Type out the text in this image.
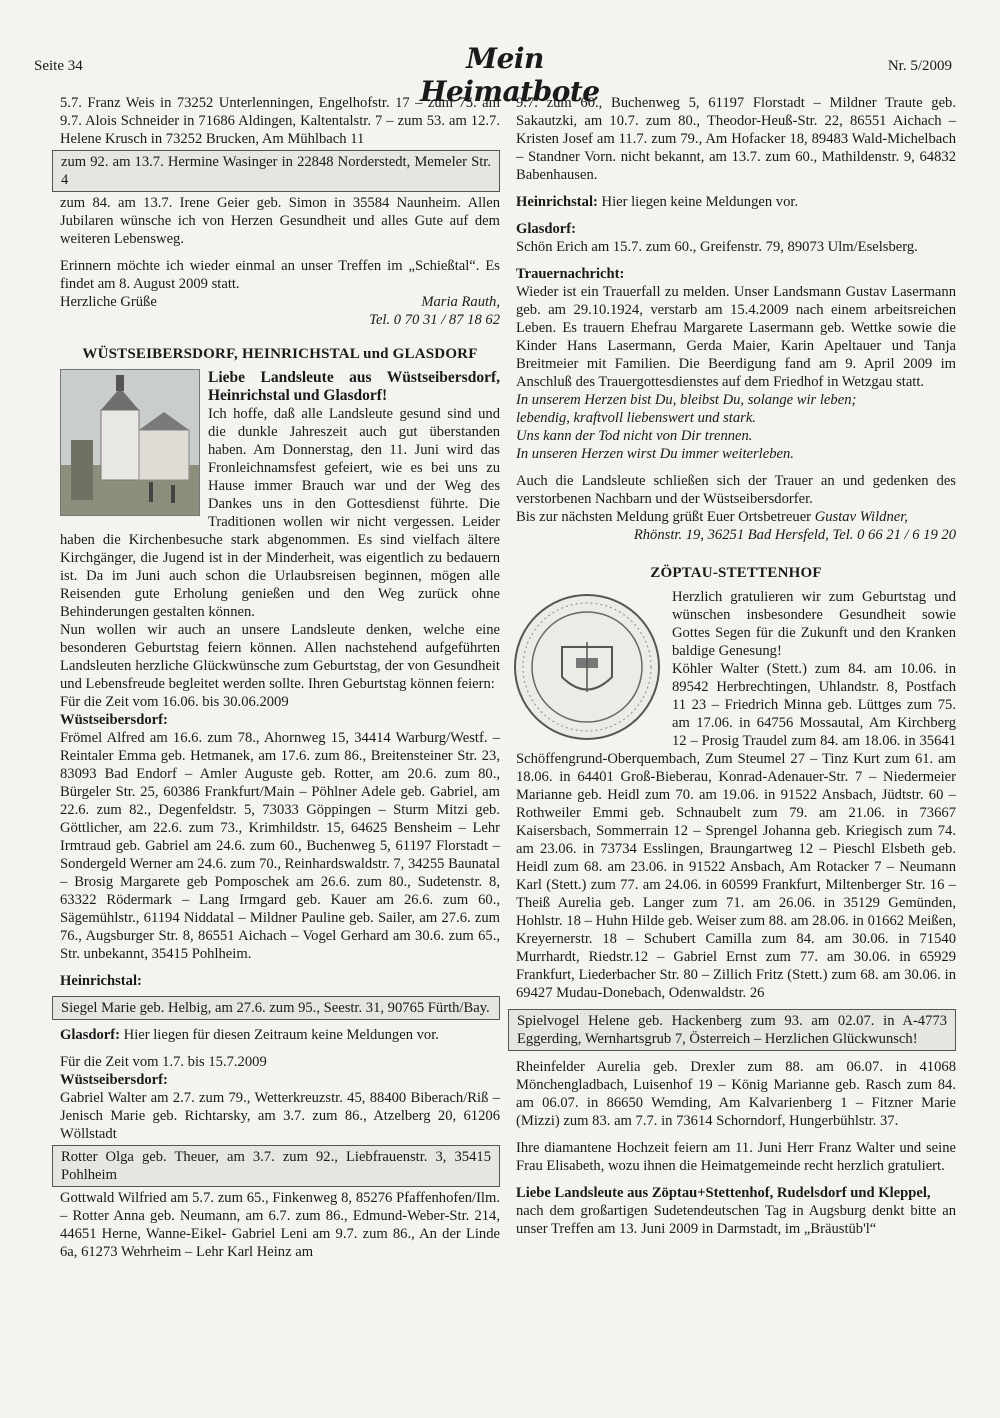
Seite 34	Mein Heimatbote
Nr. 5/2009

5.7. Franz Weis in 73252 Unterlenningen, Engelhofstr. 17 – zum 75. am 9.7. Alois Schneider in 71686 Aldingen, Kaltentalstr. 7 – zum 53. am 12.7. Helene Krusch in 73252 Brucken, Am Mühlbach 11

zum 92. am 13.7. Hermine Wasinger in 22848 Norderstedt, Memeler Str. 4

zum 84. am 13.7. Irene Geier geb. Simon in 35584 Naunheim. Allen Jubilaren wünsche ich von Herzen Gesundheit und alles Gute auf dem weiteren Lebensweg.

Erinnern möchte ich wieder einmal an unser Treffen im „Schießtal“. Es findet am 8. August 2009 statt.

Herzliche Grüße	Maria Rauth,

Tel. 0 70 31 / 87 18 62

WÜSTSEIBERSDORF, HEINRICHSTAL und GLASDORF

Liebe Landsleute aus Wüstseibersdorf, Heinrichstal und Glasdorf!

Ich hoffe, daß alle Landsleute gesund sind und die dunkle Jahreszeit auch gut überstanden haben. Am Donnerstag, den 11. Juni wird das Fronleichnamsfest gefeiert, wie es bei uns zu Hause immer Brauch war und der Weg des Dankes uns in den Gottesdienst führte. Die Traditionen wollen wir nicht vergessen. Leider haben die Kirchenbesuche stark abgenommen. Es sind vielfach ältere Kirchgänger, die Jugend ist in der Minderheit, was eigentlich zu bedauern ist. Da im Juni auch schon die Urlaubsreisen beginnen, mögen alle Reisenden gute Erholung genießen und den Weg zurück ohne Behinderungen gestalten können.

Nun wollen wir auch an unsere Landsleute denken, welche eine besonderen Geburtstag feiern können. Allen nachstehend aufgeführten Landsleuten herzliche Glückwünsche zum Geburtstag, der von Gesundheit und Lebensfreude begleitet werden sollte. Ihren Geburtstag können feiern:

Für die Zeit vom 16.06. bis 30.06.2009

Wüstseibersdorf:

Frömel Alfred am 16.6. zum 78., Ahornweg 15, 34414 Warburg/Westf. – Reintaler Emma geb. Hetmanek, am 17.6. zum 86., Breitensteiner Str. 23, 83093 Bad Endorf – Amler Auguste geb. Rotter, am 20.6. zum 80., Bürgeler Str. 25, 60386 Frankfurt/Main – Pöhlner Adele geb. Gabriel, am 22.6. zum 82., Degenfeldstr. 5, 73033 Göppingen – Sturm Mitzi geb. Göttlicher, am 22.6. zum 73., Krimhildstr. 15, 64625 Bensheim – Lehr Irmtraud geb. Gabriel am 24.6. zum 60., Buchenweg 5, 61197 Florstadt – Sondergeld Werner am 24.6. zum 70., Reinhardswaldstr. 7, 34255 Baunatal – Brosig Margarete geb Pomposchek am 26.6. zum 80., Sudetenstr. 8, 63322 Rödermark – Lang Irmgard geb. Kauer am 26.6. zum 60., Sägemühlstr., 61194 Niddatal – Mildner Pauline geb. Sailer, am 27.6. zum 76., Augsburger Str. 8, 86551 Aichach – Vogel Gerhard am 30.6. zum 65., Str. unbekannt, 35415 Pohlheim.

Heinrichstal:

Siegel Marie geb. Helbig, am 27.6. zum 95., Seestr. 31, 90765 Fürth/Bay.

Glasdorf: Hier liegen für diesen Zeitraum keine Meldungen vor.

Für die Zeit vom 1.7. bis 15.7.2009

Wüstseibersdorf:

Gabriel Walter am 2.7. zum 79., Wetterkreuzstr. 45, 88400 Biberach/Riß – Jenisch Marie geb. Richtarsky, am 3.7. zum 86., Atzelberg 20, 61206 Wöllstadt

Rotter Olga geb. Theuer, am 3.7. zum 92., Liebfrauenstr. 3, 35415 Pohlheim

Gottwald Wilfried am 5.7. zum 65., Finkenweg 8, 85276 Pfaffenhofen/Ilm. – Rotter Anna geb. Neumann, am 6.7. zum 86., Edmund-Weber-Str. 214, 44651 Herne, Wanne-Eikel- Gabriel Leni am 9.7. zum 86., An der Linde 6a, 61273 Wehrheim – Lehr Karl Heinz am

9.7. zum 60., Buchenweg 5, 61197 Florstadt – Mildner Traute geb. Sakautzki, am 10.7. zum 80., Theodor-Heuß-Str. 22, 86551 Aichach – Kristen Josef am 11.7. zum 79., Am Hofacker 18, 89483 Wald-Michelbach – Standner Vorn. nicht bekannt, am 13.7. zum 60., Mathildenstr. 9, 64832 Babenhausen.

Heinrichstal: Hier liegen keine Meldungen vor.

Glasdorf:

Schön Erich am 15.7. zum 60., Greifenstr. 79, 89073 Ulm/Eselsberg.

Trauernachricht:

Wieder ist ein Trauerfall zu melden. Unser Landsmann Gustav Lasermann geb. am 29.10.1924, verstarb am 15.4.2009 nach einem arbeitsreichen Leben. Es trauern Ehefrau Margarete Lasermann geb. Wettke sowie die Kinder Hans Lasermann, Gerda Maier, Karin Apeltauer und Tanja Breitmeier mit Familien. Die Beerdigung fand am 9. April 2009 im Anschluß des Trauergottesdienstes auf dem Friedhof in Wetzgau statt.

In unserem Herzen bist Du, bleibst Du, solange wir leben;

lebendig, kraftvoll liebenswert und stark.

Uns kann der Tod nicht von Dir trennen.

In unseren Herzen wirst Du immer weiterleben.

Auch die Landsleute schließen sich der Trauer an und gedenken des verstorbenen Nachbarn und der Wüstseibersdorfer.

Bis zur nächsten Meldung grüßt Euer Ortsbetreuer Gustav Wildner,

Rhönstr. 19, 36251 Bad Hersfeld, Tel. 0 66 21 / 6 19 20

ZÖPTAU-STETTENHOF

Herzlich gratulieren wir zum Geburtstag und wünschen insbesondere Gesundheit sowie Gottes Segen für die Zukunft und den Kranken baldige Genesung!

Köhler Walter (Stett.) zum 84. am 10.06. in 89542 Herbrechtingen, Uhlandstr. 8, Postfach 11 23 – Friedrich Minna geb. Lüttges zum 75. am 17.06. in 64756 Mossautal, Am Kirchberg 12 – Prosig Traudel zum 84. am 18.06. in 35641 Schöffengrund-Oberquembach, Zum Steumel 27 – Tinz Kurt zum 61. am 18.06. in 64401 Groß-Bieberau, Konrad-Adenauer-Str. 7 – Niedermeier Marianne geb. Heidl zum 70. am 19.06. in 91522 Ansbach, Jüdtstr. 60 – Rothweiler Emmi geb. Schnaubelt zum 79. am 21.06. in 73667 Kaisersbach, Sommerrain 12 – Sprengel Johanna geb. Kriegisch zum 74. am 23.06. in 73734 Esslingen, Braungartweg 12 – Pieschl Elsbeth geb. Heidl zum 68. am 23.06. in 91522 Ansbach, Am Rotacker 7 – Neumann Karl (Stett.) zum 77. am 24.06. in 60599 Frankfurt, Miltenberger Str. 16 – Theiß Aurelia geb. Langer zum 71. am 26.06. in 35129 Gemünden, Hohlstr. 18 – Huhn Hilde geb. Weiser zum 88. am 28.06. in 01662 Meißen, Kreyernerstr. 18 – Schubert Camilla zum 84. am 30.06. in 71540 Murrhardt, Riedstr.12 – Gabriel Ernst zum 77. am 30.06. in 65929 Frankfurt, Liederbacher Str. 80 – Zillich Fritz (Stett.) zum 68. am 30.06. in 69427 Mudau-Donebach, Odenwaldstr. 26

Spielvogel Helene geb. Hackenberg zum 93. am 02.07. in A-4773 Eggerding, Wernhartsgrub 7, Österreich – Herzlichen Glückwunsch!

Rheinfelder Aurelia geb. Drexler zum 88. am 06.07. in 41068 Mönchengladbach, Luisenhof 19 – König Marianne geb. Rasch zum 84. am 06.07. in 86650 Wemding, Am Kalvarienberg 1 – Fitzner Marie (Mizzi) zum 83. am 7.7. in 73614 Schorndorf, Hungerbühlstr. 37.

Ihre diamantene Hochzeit feiern am 11. Juni Herr Franz Walter und seine Frau Elisabeth, wozu ihnen die Heimatgemeinde recht herzlich gratuliert.

Liebe Landsleute aus Zöptau+Stettenhof, Rudelsdorf und Kleppel,

nach dem großartigen Sudetendeutschen Tag in Augsburg denkt bitte an unser Treffen am 13. Juni 2009 in Darmstadt, im „Bräustüb'l“
